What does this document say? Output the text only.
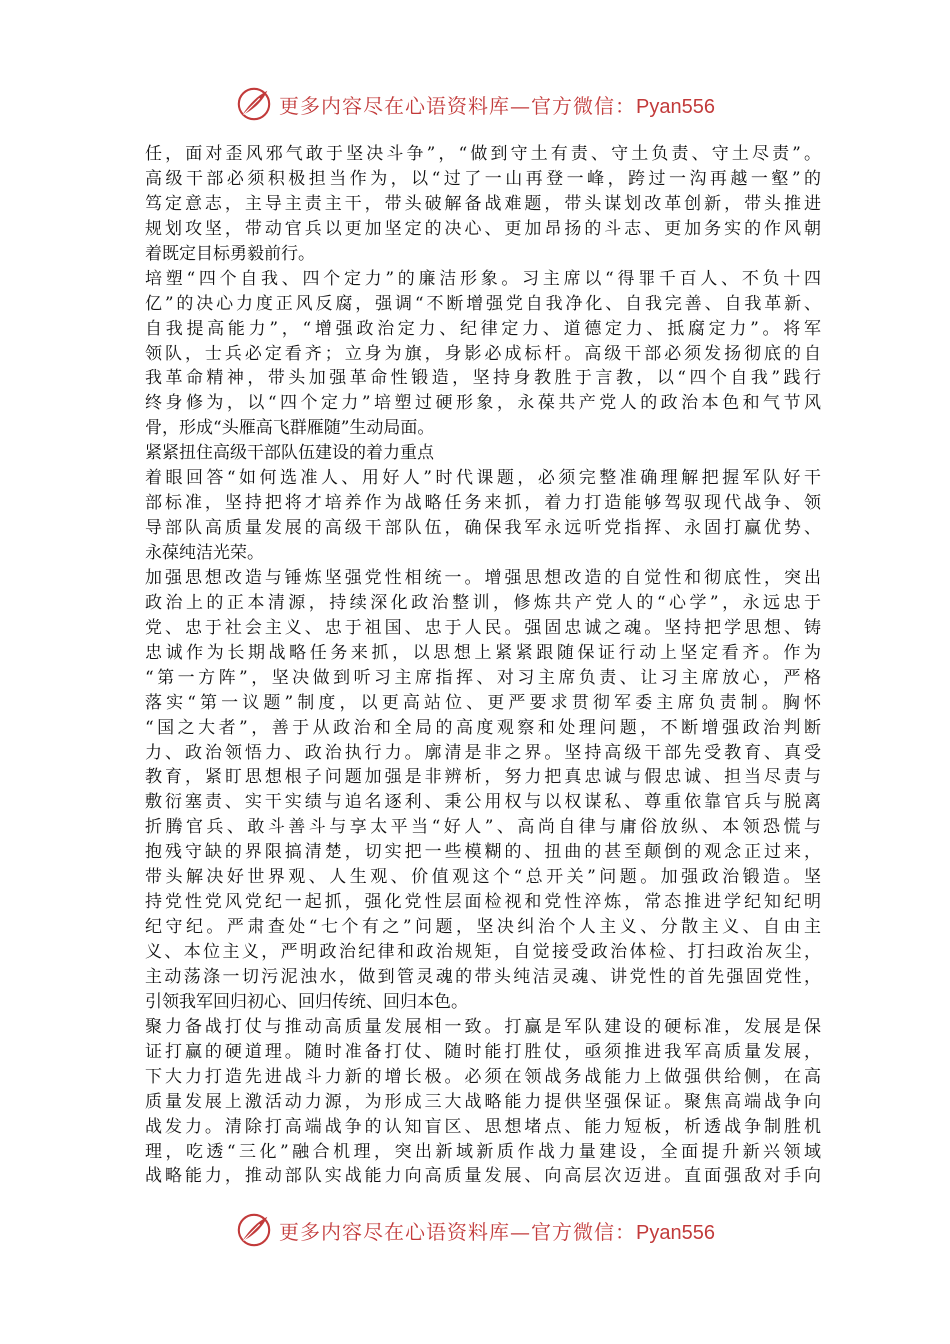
更多内容尽在心语资料库—官方微信：Pyan556
任，面对歪风邪气敢于坚决斗争”，“做到守土有责、守土负责、守土尽责”。
高级干部必须积极担当作为，以“过了一山再登一峰，跨过一沟再越一壑”的
笃定意志，主导主责主干，带头破解备战难题，带头谋划改革创新，带头推进
规划攻坚，带动官兵以更加坚定的决心、更加昂扬的斗志、更加务实的作风朝
着既定目标勇毅前行。
培塑“四个自我、四个定力”的廉洁形象。习主席以“得罪千百人、不负十四
亿”的决心力度正风反腐，强调“不断增强党自我净化、自我完善、自我革新、
自我提高能力”，“增强政治定力、纪律定力、道德定力、抵腐定力”。将军
领队，士兵必定看齐；立身为旗，身影必成标杆。高级干部必须发扬彻底的自
我革命精神，带头加强革命性锻造，坚持身教胜于言教，以“四个自我”践行
终身修为，以“四个定力”培塑过硬形象，永葆共产党人的政治本色和气节风
骨，形成“头雁高飞群雁随”生动局面。
紧紧扭住高级干部队伍建设的着力重点
着眼回答“如何选准人、用好人”时代课题，必须完整准确理解把握军队好干
部标准，坚持把将才培养作为战略任务来抓，着力打造能够驾驭现代战争、领
导部队高质量发展的高级干部队伍，确保我军永远听党指挥、永固打赢优势、
永葆纯洁光荣。
加强思想改造与锤炼坚强党性相统一。增强思想改造的自觉性和彻底性，突出
政治上的正本清源，持续深化政治整训，修炼共产党人的“心学”，永远忠于
党、忠于社会主义、忠于祖国、忠于人民。强固忠诚之魂。坚持把学思想、铸
忠诚作为长期战略任务来抓，以思想上紧紧跟随保证行动上坚定看齐。作为
“第一方阵”，坚决做到听习主席指挥、对习主席负责、让习主席放心，严格
落实“第一议题”制度，以更高站位、更严要求贯彻军委主席负责制。胸怀
“国之大者”，善于从政治和全局的高度观察和处理问题，不断增强政治判断
力、政治领悟力、政治执行力。廓清是非之界。坚持高级干部先受教育、真受
教育，紧盯思想根子问题加强是非辨析，努力把真忠诚与假忠诚、担当尽责与
敷衍塞责、实干实绩与追名逐利、秉公用权与以权谋私、尊重依靠官兵与脱离
折腾官兵、敢斗善斗与享太平当“好人”、高尚自律与庸俗放纵、本领恐慌与
抱残守缺的界限搞清楚，切实把一些模糊的、扭曲的甚至颠倒的观念正过来，
带头解决好世界观、人生观、价值观这个“总开关”问题。加强政治锻造。坚
持党性党风党纪一起抓，强化党性层面检视和党性淬炼，常态推进学纪知纪明
纪守纪。严肃查处“七个有之”问题，坚决纠治个人主义、分散主义、自由主
义、本位主义，严明政治纪律和政治规矩，自觉接受政治体检、打扫政治灰尘，
主动荡涤一切污泥浊水，做到管灵魂的带头纯洁灵魂、讲党性的首先强固党性，
引领我军回归初心、回归传统、回归本色。
聚力备战打仗与推动高质量发展相一致。打赢是军队建设的硬标准，发展是保
证打赢的硬道理。随时准备打仗、随时能打胜仗，亟须推进我军高质量发展，
下大力打造先进战斗力新的增长极。必须在领战务战能力上做强供给侧，在高
质量发展上激活动力源，为形成三大战略能力提供坚强保证。聚焦高端战争向
战发力。清除打高端战争的认知盲区、思想堵点、能力短板，析透战争制胜机
理，吃透“三化”融合机理，突出新域新质作战力量建设，全面提升新兴领域
战略能力，推动部队实战能力向高质量发展、向高层次迈进。直面强敌对手向
更多内容尽在心语资料库—官方微信：Pyan556
